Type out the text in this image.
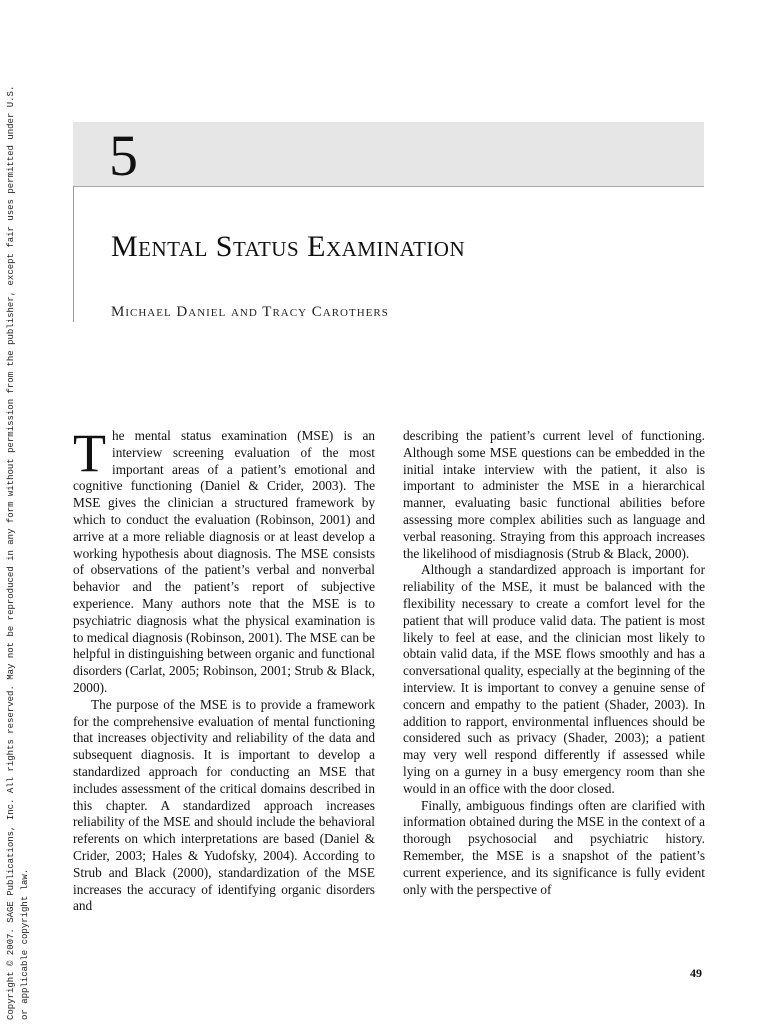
Copyright © 2007. SAGE Publications, Inc. All rights reserved. May not be reproduced in any form without permission from the publisher, except fair uses permitted under U.S. or applicable copyright law.
5
Mental Status Examination
Michael Daniel and Tracy Carothers

The mental status examination (MSE) is an interview screening evaluation of the most important areas of a patient’s emotional and cognitive functioning (Daniel & Crider, 2003). The MSE gives the clinician a structured framework by which to conduct the evaluation (Robinson, 2001) and arrive at a more reliable diagnosis or at least develop a working hypothesis about diagnosis. The MSE consists of observations of the patient’s verbal and nonverbal behavior and the patient’s report of subjective experience. Many authors note that the MSE is to psychiatric diagnosis what the physical examination is to medical diagnosis (Robinson, 2001). The MSE can be helpful in distinguishing between organic and functional disorders (Carlat, 2005; Robinson, 2001; Strub & Black, 2000).

The purpose of the MSE is to provide a framework for the comprehensive evaluation of mental functioning that increases objectivity and reliability of the data and subsequent diagnosis. It is important to develop a standardized approach for conducting an MSE that includes assessment of the critical domains described in this chapter. A standardized approach increases reliability of the MSE and should include the behavioral referents on which interpretations are based (Daniel & Crider, 2003; Hales & Yudofsky, 2004). According to Strub and Black (2000), standardization of the MSE increases the accuracy of identifying organic disorders and

describing the patient’s current level of functioning. Although some MSE questions can be embedded in the initial intake interview with the patient, it also is important to administer the MSE in a hierarchical manner, evaluating basic functional abilities before assessing more complex abilities such as language and verbal reasoning. Straying from this approach increases the likelihood of misdiagnosis (Strub & Black, 2000).

Although a standardized approach is important for reliability of the MSE, it must be balanced with the flexibility necessary to create a comfort level for the patient that will produce valid data. The patient is most likely to feel at ease, and the clinician most likely to obtain valid data, if the MSE flows smoothly and has a conversational quality, especially at the beginning of the interview. It is important to convey a genuine sense of concern and empathy to the patient (Shader, 2003). In addition to rapport, environmental influences should be considered such as privacy (Shader, 2003); a patient may very well respond differently if assessed while lying on a gurney in a busy emergency room than she would in an office with the door closed.

Finally, ambiguous findings often are clarified with information obtained during the MSE in the context of a thorough psychosocial and psychiatric history. Remember, the MSE is a snapshot of the patient’s current experience, and its significance is fully evident only with the perspective of

49
